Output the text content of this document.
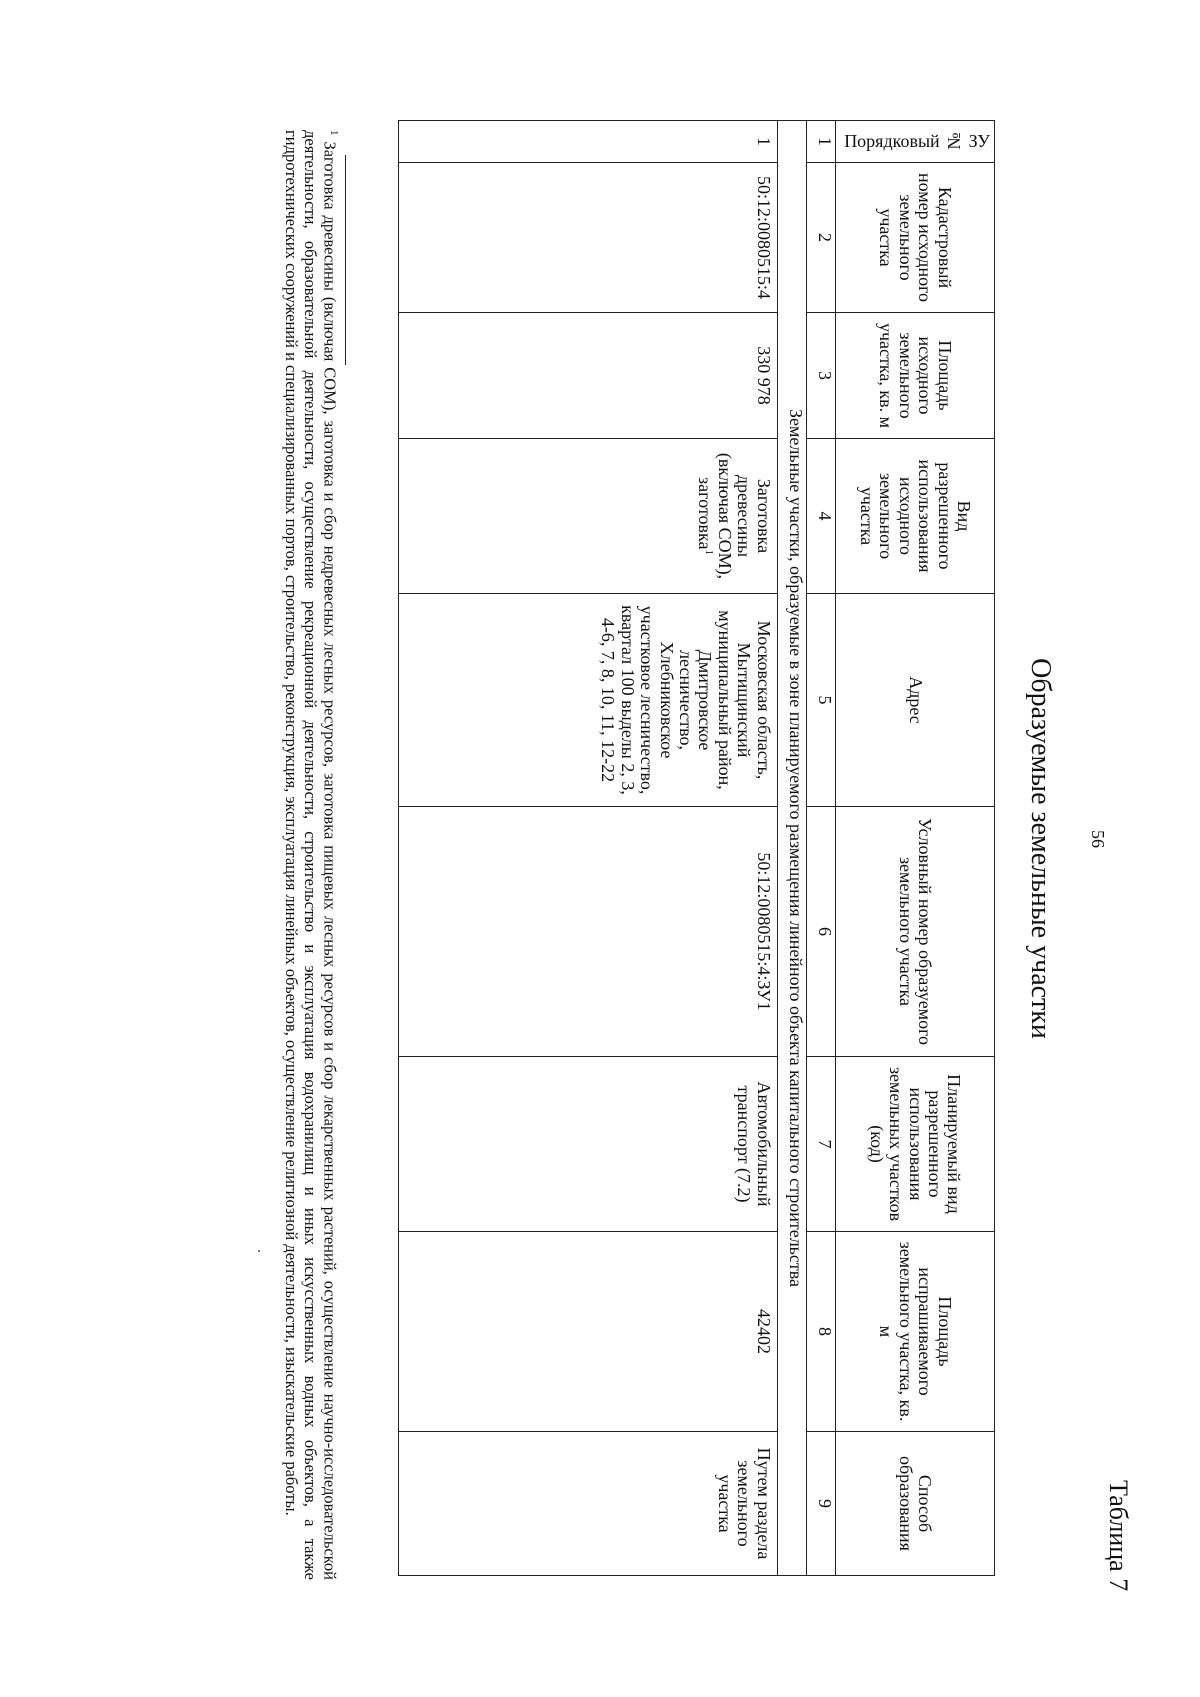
56
Таблица 7
Образуемые земельные участки
Порядковый № ЗУ	Кадастровый номер исходного земельного участка	Площадь исходного земельного участка, кв. м	Вид разрешенного использования исходного земельного участка	Адрес	Условный номер образуемого земельного участка	Планируемый вид разрешенного использования земельных участков (код)	Площадь испрашиваемого земельного участка, кв. м	Способ образования
1	2	3	4	5	6	7	8	9
Земельные участки, образуемые в зоне планируемого размещения линейного объекта капитального строительства								
1	50:12:0080515:4	330 978	Заготовка древесины (включая СОМ), заготовка$^1$	Московская область, Мытищинский муниципальный район, Дмитровское лесничество, Хлебниковское участковое лесничество, квартал 100 выделы 2, 3, 4-6, 7, 8, 10, 11, 12-22	50:12:0080515:4:ЗУ1	Автомобильный транспорт (7.2)	42402	Путем раздела земельного участка
$^1$ Заготовка древесины (включая СОМ), заготовка и сбор недревесных лесных ресурсов, заготовка пищевых лесных ресурсов и сбор лекарственных растений, осуществление научно-исследовательской деятельности, образовательной деятельности, осуществление рекреационной деятельности, строительство и эксплуатация водохранилищ и иных искусственных водных объектов, а также гидротехнических сооружений и специализированных портов, строительство, реконструкция, эксплуатация линейных объектов, осуществление религиозной деятельности, изыскательские работы.
